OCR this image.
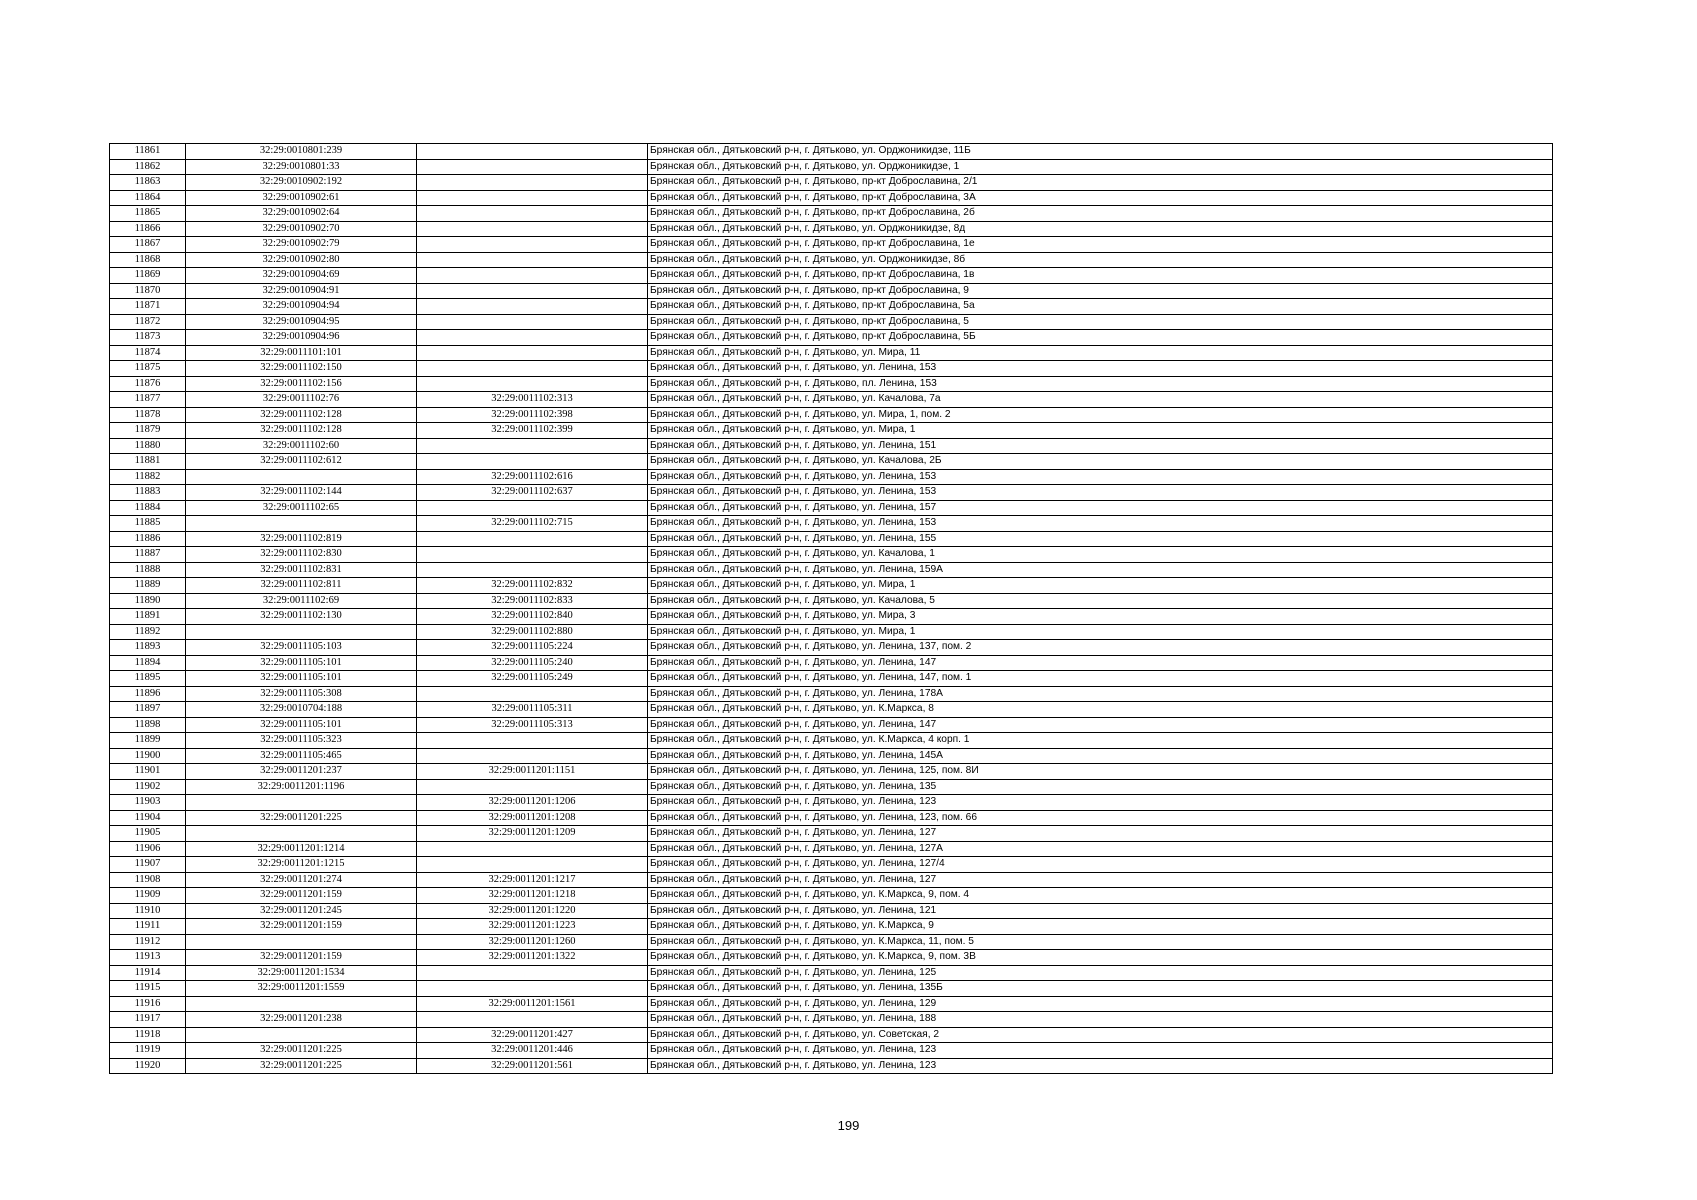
11861	32:29:0010801:239		Брянская обл., Дятьковский р-н, г. Дятьково, ул. Орджоникидзе, 11Б
11862	32:29:0010801:33		Брянская обл., Дятьковский р-н, г. Дятьково, ул. Орджоникидзе, 1
11863	32:29:0010902:192		Брянская обл., Дятьковский р-н, г. Дятьково, пр-кт Доброславина, 2/1
11864	32:29:0010902:61		Брянская обл., Дятьковский р-н, г. Дятьково, пр-кт Доброславина, 3А
11865	32:29:0010902:64		Брянская обл., Дятьковский р-н, г. Дятьково, пр-кт Доброславина, 2б
11866	32:29:0010902:70		Брянская обл., Дятьковский р-н, г. Дятьково, ул. Орджоникидзе, 8д
11867	32:29:0010902:79		Брянская обл., Дятьковский р-н, г. Дятьково, пр-кт Доброславина, 1е
11868	32:29:0010902:80		Брянская обл., Дятьковский р-н, г. Дятьково, ул. Орджоникидзе, 8б
11869	32:29:0010904:69		Брянская обл., Дятьковский р-н, г. Дятьково, пр-кт Доброславина, 1в
11870	32:29:0010904:91		Брянская обл., Дятьковский р-н, г. Дятьково, пр-кт Доброславина, 9
11871	32:29:0010904:94		Брянская обл., Дятьковский р-н, г. Дятьково, пр-кт Доброславина, 5а
11872	32:29:0010904:95		Брянская обл., Дятьковский р-н, г. Дятьково, пр-кт Доброславина, 5
11873	32:29:0010904:96		Брянская обл., Дятьковский р-н, г. Дятьково, пр-кт Доброславина, 5Б
11874	32:29:0011101:101		Брянская обл., Дятьковский р-н, г. Дятьково, ул. Мира, 11
11875	32:29:0011102:150		Брянская обл., Дятьковский р-н, г. Дятьково, ул. Ленина, 153
11876	32:29:0011102:156		Брянская обл., Дятьковский р-н, г. Дятьково, пл. Ленина, 153
11877	32:29:0011102:76	32:29:0011102:313	Брянская обл., Дятьковский р-н, г. Дятьково, ул. Качалова, 7а
11878	32:29:0011102:128	32:29:0011102:398	Брянская обл., Дятьковский р-н, г. Дятьково, ул. Мира, 1, пом. 2
11879	32:29:0011102:128	32:29:0011102:399	Брянская обл., Дятьковский р-н, г. Дятьково, ул. Мира, 1
11880	32:29:0011102:60		Брянская обл., Дятьковский р-н, г. Дятьково, ул. Ленина, 151
11881	32:29:0011102:612		Брянская обл., Дятьковский р-н, г. Дятьково, ул. Качалова, 2Б
11882		32:29:0011102:616	Брянская обл., Дятьковский р-н, г. Дятьково, ул. Ленина, 153
11883	32:29:0011102:144	32:29:0011102:637	Брянская обл., Дятьковский р-н, г. Дятьково, ул. Ленина, 153
11884	32:29:0011102:65		Брянская обл., Дятьковский р-н, г. Дятьково, ул. Ленина, 157
11885		32:29:0011102:715	Брянская обл., Дятьковский р-н, г. Дятьково, ул. Ленина, 153
11886	32:29:0011102:819		Брянская обл., Дятьковский р-н, г. Дятьково, ул. Ленина, 155
11887	32:29:0011102:830		Брянская обл., Дятьковский р-н, г. Дятьково, ул. Качалова, 1
11888	32:29:0011102:831		Брянская обл., Дятьковский р-н, г. Дятьково, ул. Ленина, 159А
11889	32:29:0011102:811	32:29:0011102:832	Брянская обл., Дятьковский р-н, г. Дятьково, ул. Мира, 1
11890	32:29:0011102:69	32:29:0011102:833	Брянская обл., Дятьковский р-н, г. Дятьково, ул. Качалова, 5
11891	32:29:0011102:130	32:29:0011102:840	Брянская обл., Дятьковский р-н, г. Дятьково, ул. Мира, 3
11892		32:29:0011102:880	Брянская обл., Дятьковский р-н, г. Дятьково, ул. Мира, 1
11893	32:29:0011105:103	32:29:0011105:224	Брянская обл., Дятьковский р-н, г. Дятьково, ул. Ленина, 137, пом. 2
11894	32:29:0011105:101	32:29:0011105:240	Брянская обл., Дятьковский р-н, г. Дятьково, ул. Ленина, 147
11895	32:29:0011105:101	32:29:0011105:249	Брянская обл., Дятьковский р-н, г. Дятьково, ул. Ленина, 147, пом. 1
11896	32:29:0011105:308		Брянская обл., Дятьковский р-н, г. Дятьково, ул. Ленина, 178А
11897	32:29:0010704:188	32:29:0011105:311	Брянская обл., Дятьковский р-н, г. Дятьково, ул. К.Маркса, 8
11898	32:29:0011105:101	32:29:0011105:313	Брянская обл., Дятьковский р-н, г. Дятьково, ул. Ленина, 147
11899	32:29:0011105:323		Брянская обл., Дятьковский р-н, г. Дятьково, ул. К.Маркса, 4 корп. 1
11900	32:29:0011105:465		Брянская обл., Дятьковский р-н, г. Дятьково, ул. Ленина, 145А
11901	32:29:0011201:237	32:29:0011201:1151	Брянская обл., Дятьковский р-н, г. Дятьково, ул. Ленина, 125, пом. 8И
11902	32:29:0011201:1196		Брянская обл., Дятьковский р-н, г. Дятьково, ул. Ленина, 135
11903		32:29:0011201:1206	Брянская обл., Дятьковский р-н, г. Дятьково, ул. Ленина, 123
11904	32:29:0011201:225	32:29:0011201:1208	Брянская обл., Дятьковский р-н, г. Дятьково, ул. Ленина, 123, пом. 66
11905		32:29:0011201:1209	Брянская обл., Дятьковский р-н, г. Дятьково, ул. Ленина, 127
11906	32:29:0011201:1214		Брянская обл., Дятьковский р-н, г. Дятьково, ул. Ленина, 127А
11907	32:29:0011201:1215		Брянская обл., Дятьковский р-н, г. Дятьково, ул. Ленина, 127/4
11908	32:29:0011201:274	32:29:0011201:1217	Брянская обл., Дятьковский р-н, г. Дятьково, ул. Ленина, 127
11909	32:29:0011201:159	32:29:0011201:1218	Брянская обл., Дятьковский р-н, г. Дятьково, ул. К.Маркса, 9, пом. 4
11910	32:29:0011201:245	32:29:0011201:1220	Брянская обл., Дятьковский р-н, г. Дятьково, ул. Ленина, 121
11911	32:29:0011201:159	32:29:0011201:1223	Брянская обл., Дятьковский р-н, г. Дятьково, ул. К.Маркса, 9
11912		32:29:0011201:1260	Брянская обл., Дятьковский р-н, г. Дятьково, ул. К.Маркса, 11, пом. 5
11913	32:29:0011201:159	32:29:0011201:1322	Брянская обл., Дятьковский р-н, г. Дятьково, ул. К.Маркса, 9, пом. 3В
11914	32:29:0011201:1534		Брянская обл., Дятьковский р-н, г. Дятьково, ул. Ленина, 125
11915	32:29:0011201:1559		Брянская обл., Дятьковский р-н, г. Дятьково, ул. Ленина, 135Б
11916		32:29:0011201:1561	Брянская обл., Дятьковский р-н, г. Дятьково, ул. Ленина, 129
11917	32:29:0011201:238		Брянская обл., Дятьковский р-н, г. Дятьково, ул. Ленина, 188
11918		32:29:0011201:427	Брянская обл., Дятьковский р-н, г. Дятьково, ул. Советская, 2
11919	32:29:0011201:225	32:29:0011201:446	Брянская обл., Дятьковский р-н, г. Дятьково, ул. Ленина, 123
11920	32:29:0011201:225	32:29:0011201:561	Брянская обл., Дятьковский р-н, г. Дятьково, ул. Ленина, 123
199
